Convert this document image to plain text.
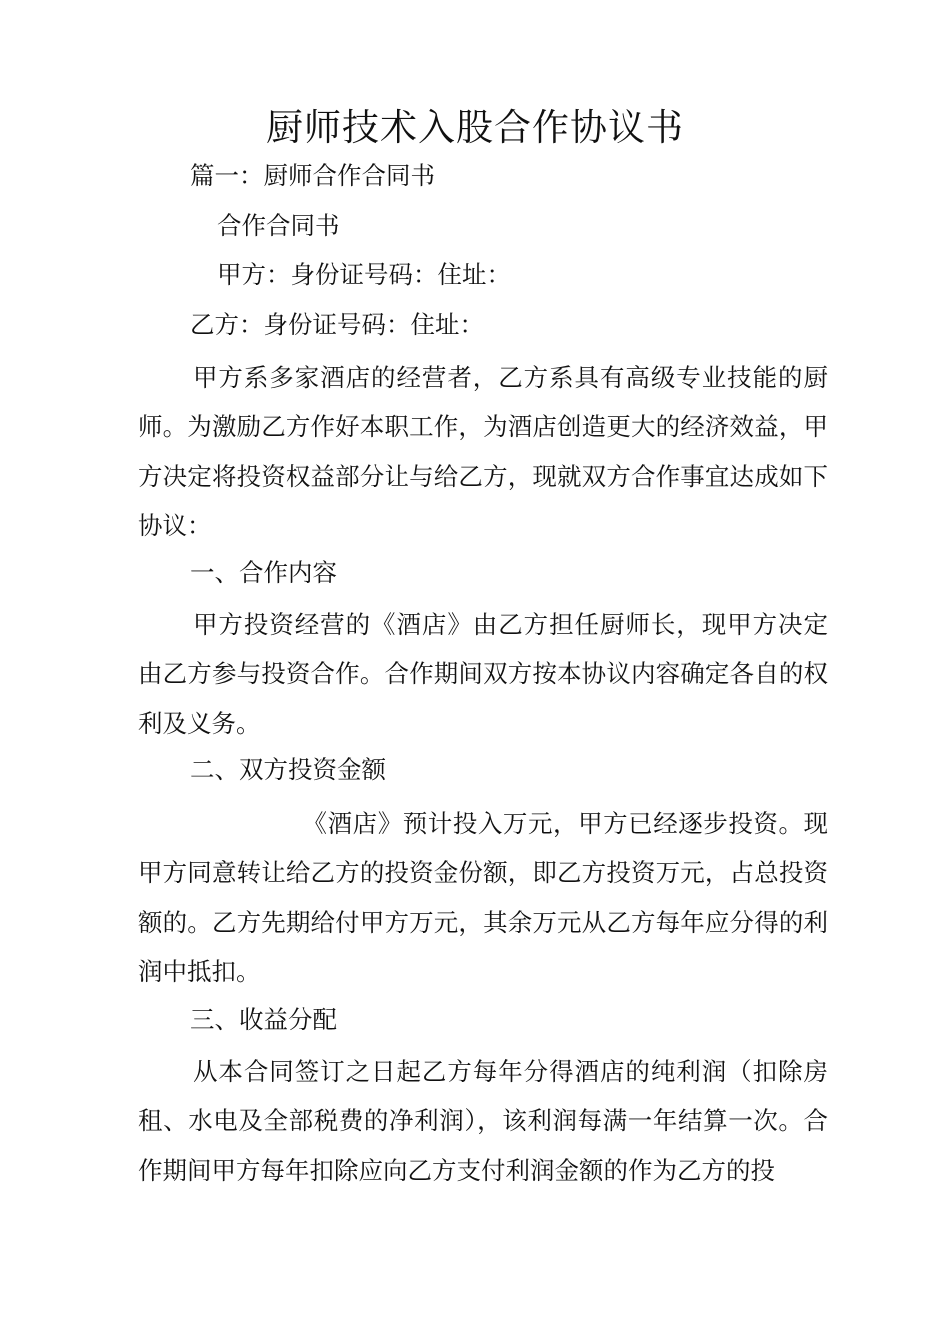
厨师技术入股合作协议书

篇一：厨师合作合同书

合作合同书

甲方：身份证号码：住址：

乙方：身份证号码：住址：

甲方系多家酒店的经营者，乙方系具有高级专业技能的厨师。为激励乙方作好本职工作，为酒店创造更大的经济效益，甲方决定将投资权益部分让与给乙方，现就双方合作事宜达成如下协议：

一、合作内容

甲方投资经营的《酒店》由乙方担任厨师长，现甲方决定由乙方参与投资合作。合作期间双方按本协议内容确定各自的权利及义务。

二、双方投资金额

《酒店》预计投入万元，甲方已经逐步投资。现甲方同意转让给乙方的投资金份额，即乙方投资万元，占总投资额的。乙方先期给付甲方万元，其余万元从乙方每年应分得的利润中抵扣。

三、收益分配

从本合同签订之日起乙方每年分得酒店的纯利润（扣除房租、水电及全部税费的净利润），该利润每满一年结算一次。合作期间甲方每年扣除应向乙方支付利润金额的作为乙方的投
